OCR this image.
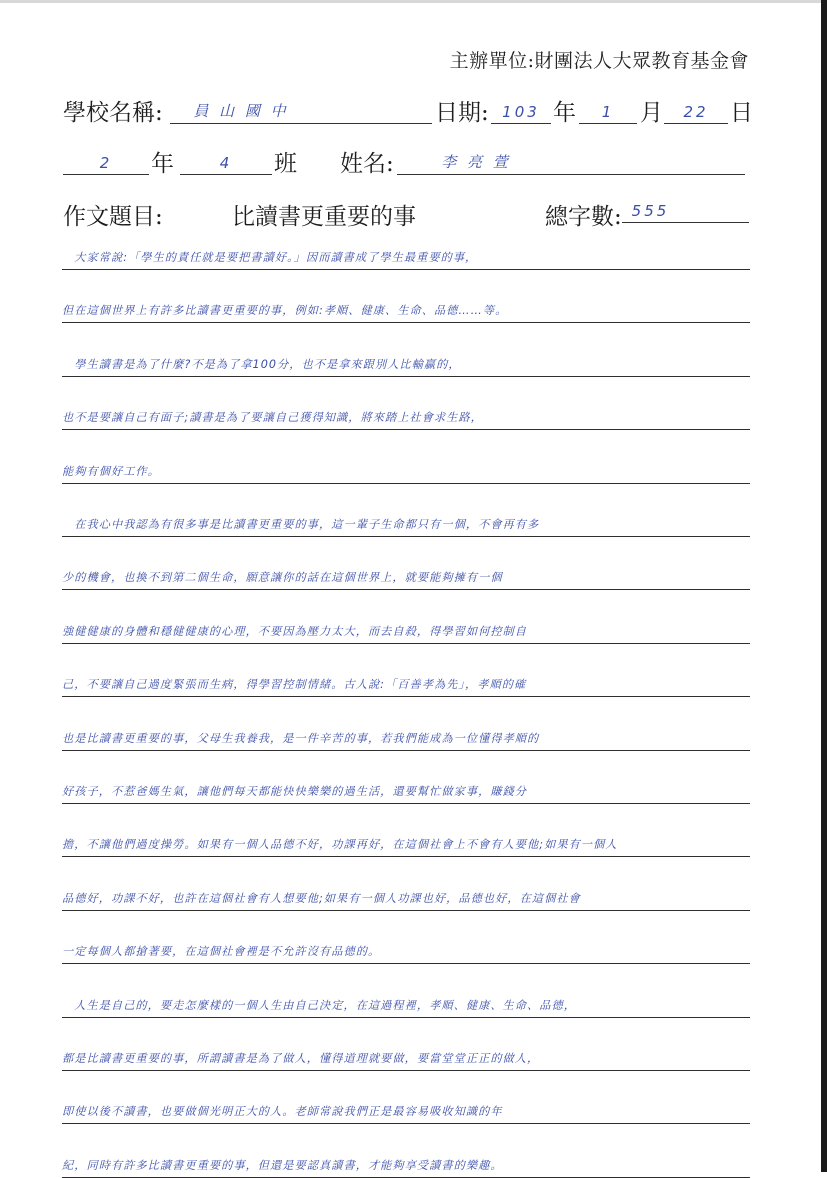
主辦單位:財團法人大眾教育基金會
學校名稱:	員 山 國 中	日期: 103 年	1	月	22 日
2	年	4	班 姓名:	李 亮 萱
作文題目:	比讀書更重要的事	總字數: 555
　大家常說:「學生的責任就是要把書讀好。」因而讀書成了學生最重要的事，
但在這個世界上有許多比讀書更重要的事，例如:孝順、健康、生命、品德……等。
　學生讀書是為了什麼?不是為了拿100分，也不是拿來跟別人比輸贏的，
也不是要讓自己有面子;讀書是為了要讓自己獲得知識，將來踏上社會求生路，
能夠有個好工作。
　在我心中我認為有很多事是比讀書更重要的事，這一輩子生命都只有一個，不會再有多
少的機會，也換不到第二個生命，願意讓你的話在這個世界上，就要能夠擁有一個
強健健康的身體和穩健健康的心理，不要因為壓力太大，而去自殺，得學習如何控制自
己，不要讓自己過度緊張而生病，得學習控制情緒。古人說:「百善孝為先」，孝順的確
也是比讀書更重要的事，父母生我養我，是一件辛苦的事，若我們能成為一位懂得孝順的
好孩子，不惹爸媽生氣，讓他們每天都能快快樂樂的過生活，還要幫忙做家事，賺錢分
擔，不讓他們過度操勞。如果有一個人品德不好，功課再好，在這個社會上不會有人要他;如果有一個人
品德好，功課不好，也許在這個社會有人想要他;如果有一個人功課也好，品德也好，在這個社會
一定每個人都搶著要，在這個社會裡是不允許沒有品德的。
　人生是自己的，要走怎麼樣的一個人生由自己決定，在這過程裡，孝順、健康、生命、品德，
都是比讀書更重要的事，所謂讀書是為了做人，懂得道理就要做，要當堂堂正正的做人，
即使以後不讀書，也要做個光明正大的人。老師常說我們正是最容易吸收知識的年
紀，同時有許多比讀書更重要的事，但還是要認真讀書，才能夠享受讀書的樂趣。
